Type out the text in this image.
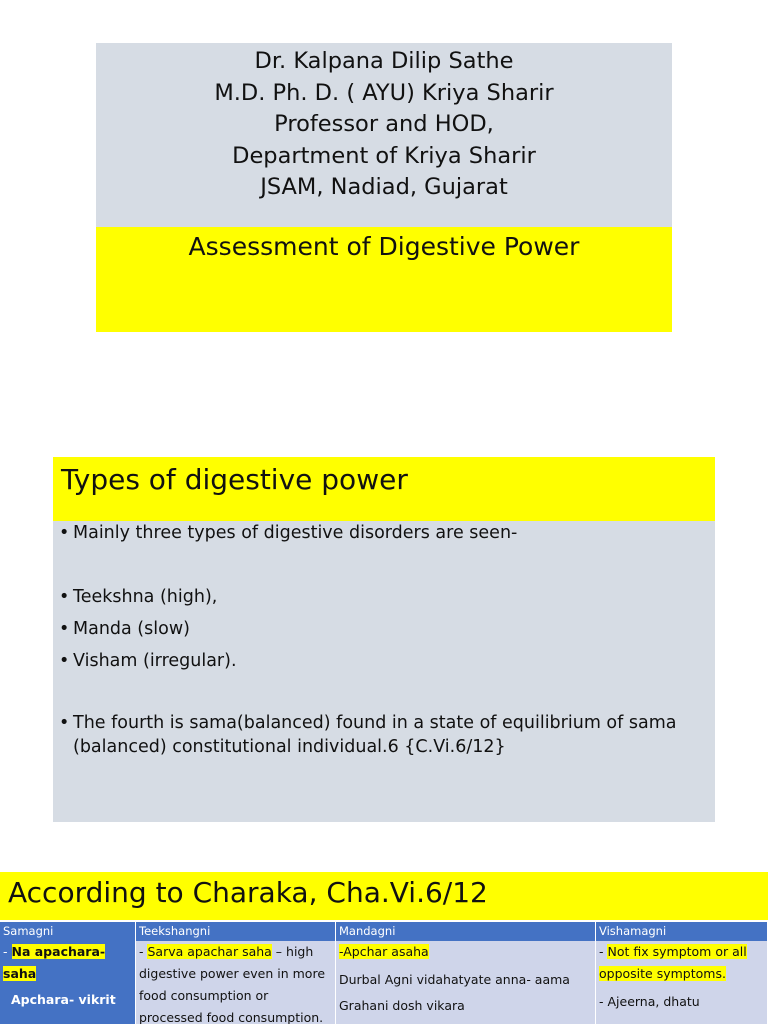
Dr. Kalpana Dilip Sathe
M.D. Ph. D. ( AYU) Kriya Sharir
Professor and HOD,
Department of Kriya Sharir
JSAM, Nadiad, Gujarat
Assessment of Digestive Power
Types of digestive power
• Mainly three types of digestive disorders are seen-
• Teekshna (high),
• Manda (slow)
• Visham (irregular).
• The fourth is sama(balanced) found in a state of equilibrium of sama
(balanced) constitutional individual.6 {C.Vi.6/12}
According to Charaka, Cha.Vi.6/12
Samagni
- Na apachara-
saha
Apchara- vikrit
Teekshangni
- Sarva apachar saha – high
digestive power even in more
food consumption or
processed food consumption.
Mandagni
-Apchar asaha
Durbal Agni vidahatyate anna- aama
Grahani dosh vikara
Vishamagni
- Not fix symptom or all
opposite symptoms.
- Ajeerna, dhatu
